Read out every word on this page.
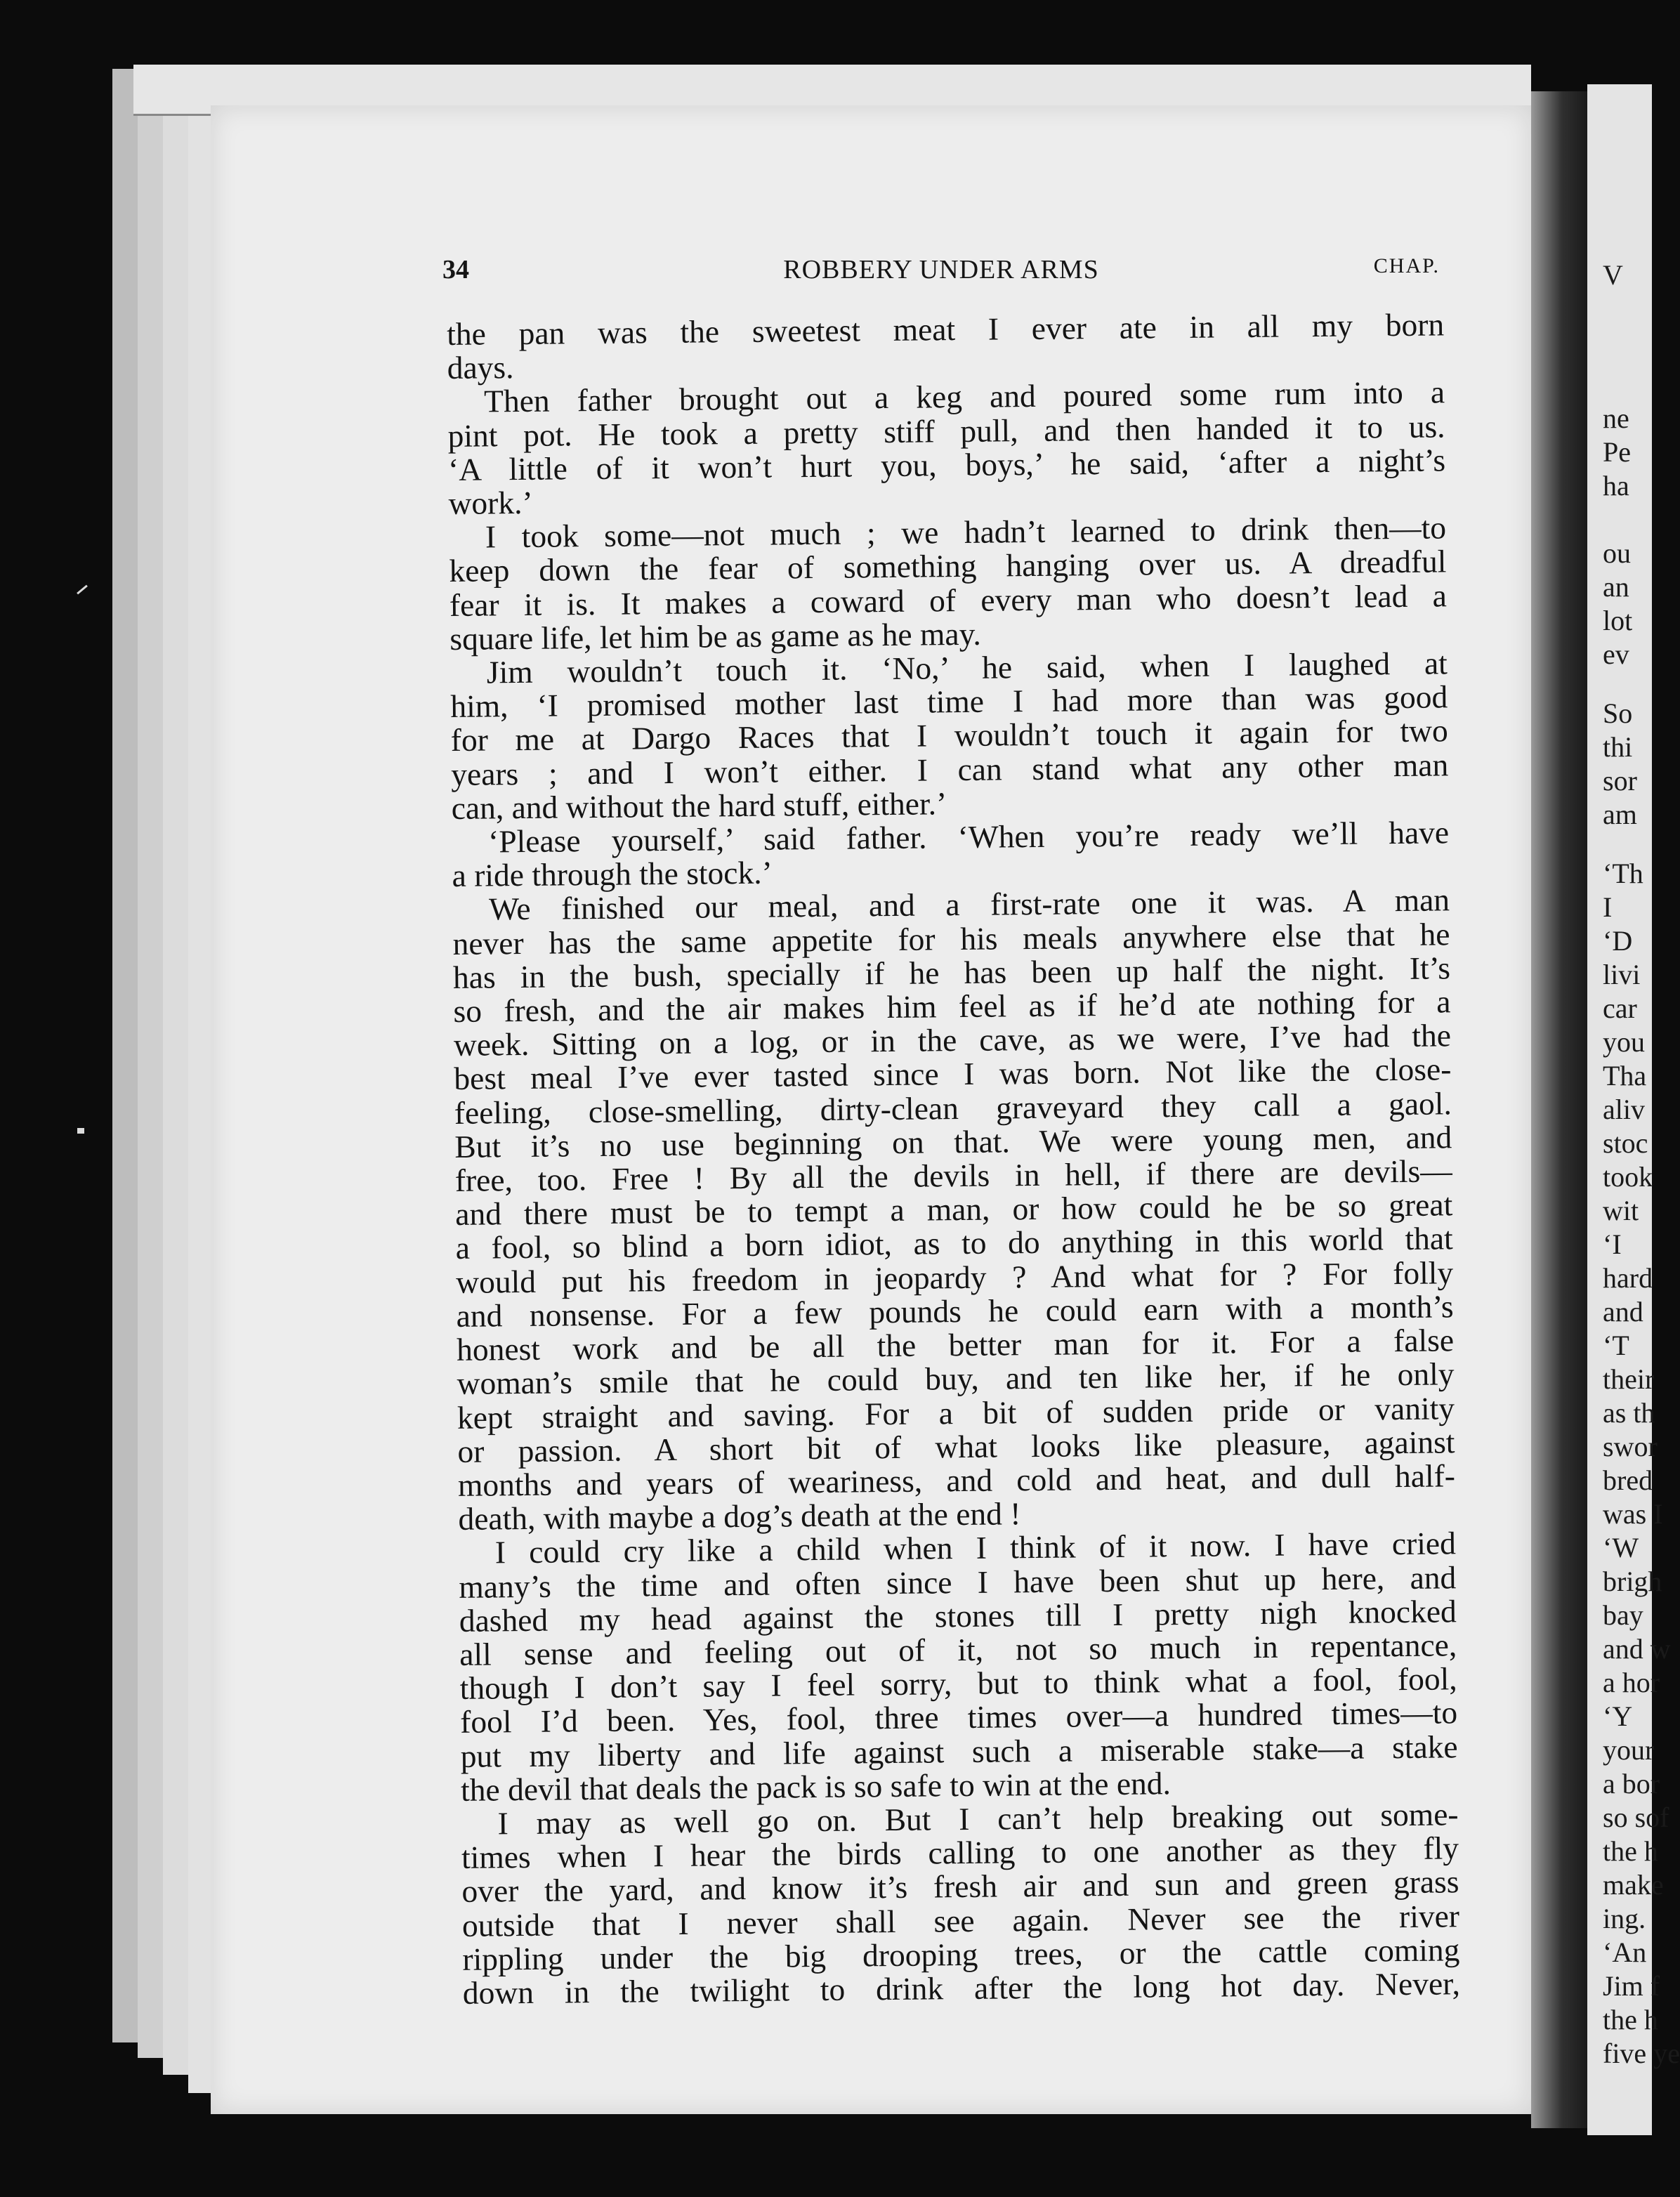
V

ne

Pe

ha

ou

an

lot

ev

So

thi

sor

am

‘Th

I

‘D

livi

car

you

Tha

aliv

stoc

took

wit

‘I

hard

and

‘T

their

as th

swor

bred

was I

‘W

brigh

bay

and w

a hor

‘Y

your

a bor

so sof

the h

make

ing.

‘An

Jim f

the h

five ye

34	ROBBERY UNDER ARMS	CHAP.
the pan was the sweetest meat I ever ate in all my born
days.
Then father brought out a keg and poured some rum into a
pint pot. He took a pretty stiff pull, and then handed it to us.
‘A little of it won’t hurt you, boys,’ he said, ‘after a night’s
work.’
I took some—not much ; we hadn’t learned to drink then—to
keep down the fear of something hanging over us. A dreadful
fear it is. It makes a coward of every man who doesn’t lead a
square life, let him be as game as he may.
Jim wouldn’t touch it. ‘No,’ he said, when I laughed at
him, ‘I promised mother last time I had more than was good
for me at Dargo Races that I wouldn’t touch it again for two
years ; and I won’t either. I can stand what any other man
can, and without the hard stuff, either.’
‘Please yourself,’ said father. ‘When you’re ready we’ll have
a ride through the stock.’
We finished our meal, and a first-rate one it was. A man
never has the same appetite for his meals anywhere else that he
has in the bush, specially if he has been up half the night. It’s
so fresh, and the air makes him feel as if he’d ate nothing for a
week. Sitting on a log, or in the cave, as we were, I’ve had the
best meal I’ve ever tasted since I was born. Not like the close-
feeling, close-smelling, dirty-clean graveyard they call a gaol.
But it’s no use beginning on that. We were young men, and
free, too. Free ! By all the devils in hell, if there are devils—
and there must be to tempt a man, or how could he be so great
a fool, so blind a born idiot, as to do anything in this world that
would put his freedom in jeopardy ? And what for ? For folly
and nonsense. For a few pounds he could earn with a month’s
honest work and be all the better man for it. For a false
woman’s smile that he could buy, and ten like her, if he only
kept straight and saving. For a bit of sudden pride or vanity
or passion. A short bit of what looks like pleasure, against
months and years of weariness, and cold and heat, and dull half-
death, with maybe a dog’s death at the end !
I could cry like a child when I think of it now. I have cried
many’s the time and often since I have been shut up here, and
dashed my head against the stones till I pretty nigh knocked
all sense and feeling out of it, not so much in repentance,
though I don’t say I feel sorry, but to think what a fool, fool,
fool I’d been. Yes, fool, three times over—a hundred times—to
put my liberty and life against such a miserable stake—a stake
the devil that deals the pack is so safe to win at the end.
I may as well go on. But I can’t help breaking out some-
times when I hear the birds calling to one another as they fly
over the yard, and know it’s fresh air and sun and green grass
outside that I never shall see again. Never see the river
rippling under the big drooping trees, or the cattle coming
down in the twilight to drink after the long hot day. Never,
